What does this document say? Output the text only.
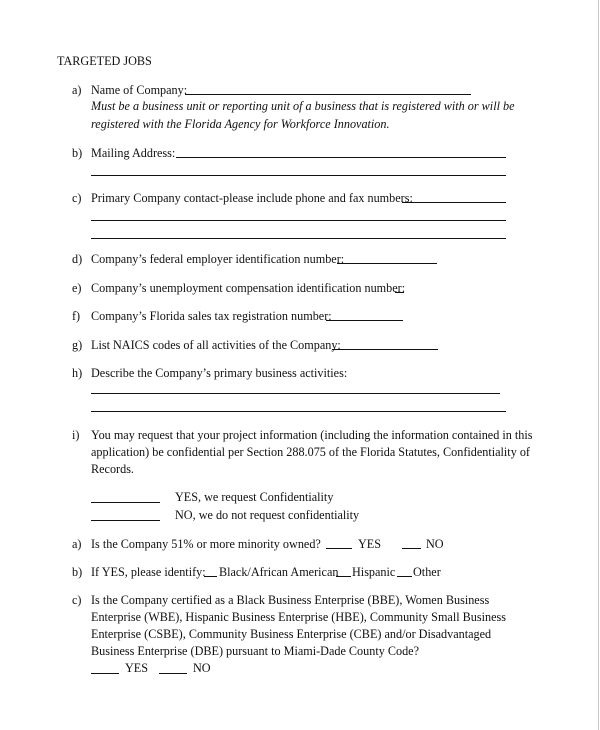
TARGETED JOBS
a) Name of Company:
Must be a business unit or reporting unit of a business that is registered with or will be
registered with the Florida Agency for Workforce Innovation.
b) Mailing Address:
c) Primary Company contact-please include phone and fax numbers:
d) Company’s federal employer identification number:
e) Company’s unemployment compensation identification number:
f) Company’s Florida sales tax registration number:
g) List NAICS codes of all activities of the Company:
h) Describe the Company’s primary business activities:
i) You may request that your project information (including the information contained in this
application) be confidential per Section 288.075 of the Florida Statutes, Confidentiality of
Records.
YES, we request Confidentiality
NO, we do not request confidentiality
a) Is the Company 51% or more minority owned?	YES	NO
b) If YES, please identify: Black/African American Hispanic Other
c) Is the Company certified as a Black Business Enterprise (BBE), Women Business
Enterprise (WBE), Hispanic Business Enterprise (HBE), Community Small Business
Enterprise (CSBE), Community Business Enterprise (CBE) and/or Disadvantaged
Business Enterprise (DBE) pursuant to Miami-Dade County Code?
YES	NO
